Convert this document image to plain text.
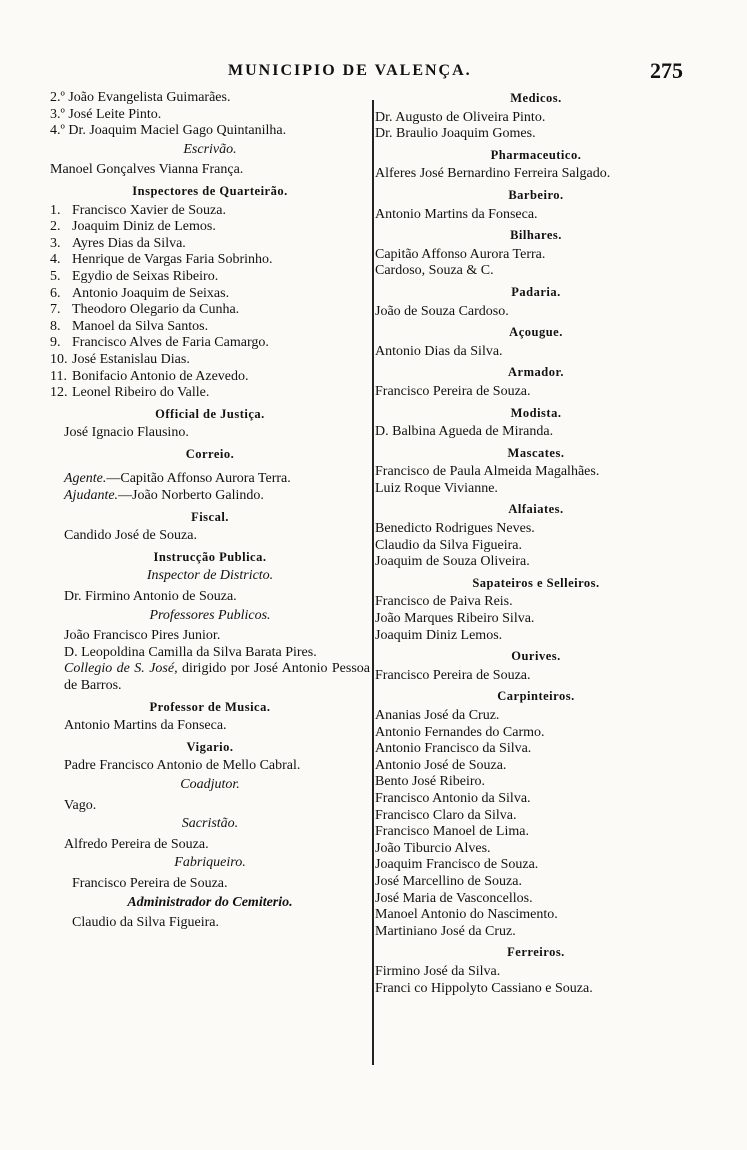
MUNICIPIO DE VALENÇA.	275
2.º João Evangelista Guimarães.
3.º José Leite Pinto.
4.º Dr. Joaquim Maciel Gago Quintanilha.
Escrivão.
Manoel Gonçalves Vianna França.
Inspectores de Quarteirão.
1. Francisco Xavier de Souza.
2. Joaquim Diniz de Lemos.
3. Ayres Dias da Silva.
4. Henrique de Vargas Faria Sobrinho.
5. Egydio de Seixas Ribeiro.
6. Antonio Joaquim de Seixas.
7. Theodoro Olegario da Cunha.
8. Manoel da Silva Santos.
9. Francisco Alves de Faria Camargo.
10. José Estanislau Dias.
11. Bonifacio Antonio de Azevedo.
12. Leonel Ribeiro do Valle.
Official de Justiça.
José Ignacio Flausino.
Correio.
Agente.—Capitão Affonso Aurora Terra.
Ajudante.—João Norberto Galindo.
Fiscal.
Candido José de Souza.
Instrucção Publica.
Inspector de Districto.
Dr. Firmino Antonio de Souza.
Professores Publicos.
João Francisco Pires Junior.
D. Leopoldina Camilla da Silva Barata Pires.
Collegio de S. José, dirigido por José Antonio Pessoa de Barros.
Professor de Musica.
Antonio Martins da Fonseca.
Vigario.
Padre Francisco Antonio de Mello Cabral.
Coadjutor.
Vago.
Sacristão.
Alfredo Pereira de Souza.
Fabriqueiro.
Francisco Pereira de Souza.
Administrador do Cemiterio.
Claudio da Silva Figueira.
Medicos.
Dr. Augusto de Oliveira Pinto.
Dr. Braulio Joaquim Gomes.
Pharmaceutico.
Alferes José Bernardino Ferreira Salgado.
Barbeiro.
Antonio Martins da Fonseca.
Bilhares.
Capitão Affonso Aurora Terra.
Cardoso, Souza & C.
Padaria.
João de Souza Cardoso.
Açougue.
Antonio Dias da Silva.
Armador.
Francisco Pereira de Souza.
Modista.
D. Balbina Agueda de Miranda.
Mascates.
Francisco de Paula Almeida Magalhães.
Luiz Roque Vivianne.
Alfaiates.
Benedicto Rodrigues Neves.
Claudio da Silva Figueira.
Joaquim de Souza Oliveira.
Sapateiros e Selleiros.
Francisco de Paiva Reis.
João Marques Ribeiro Silva.
Joaquim Diniz Lemos.
Ourives.
Francisco Pereira de Souza.
Carpinteiros.
Ananias José da Cruz.
Antonio Fernandes do Carmo.
Antonio Francisco da Silva.
Antonio José de Souza.
Bento José Ribeiro.
Francisco Antonio da Silva.
Francisco Claro da Silva.
Francisco Manoel de Lima.
João Tiburcio Alves.
Joaquim Francisco de Souza.
José Marcellino de Souza.
José Maria de Vasconcellos.
Manoel Antonio do Nascimento.
Martiniano José da Cruz.
Ferreiros.
Firmino José da Silva.
Franci co Hippolyto Cassiano e Souza.
